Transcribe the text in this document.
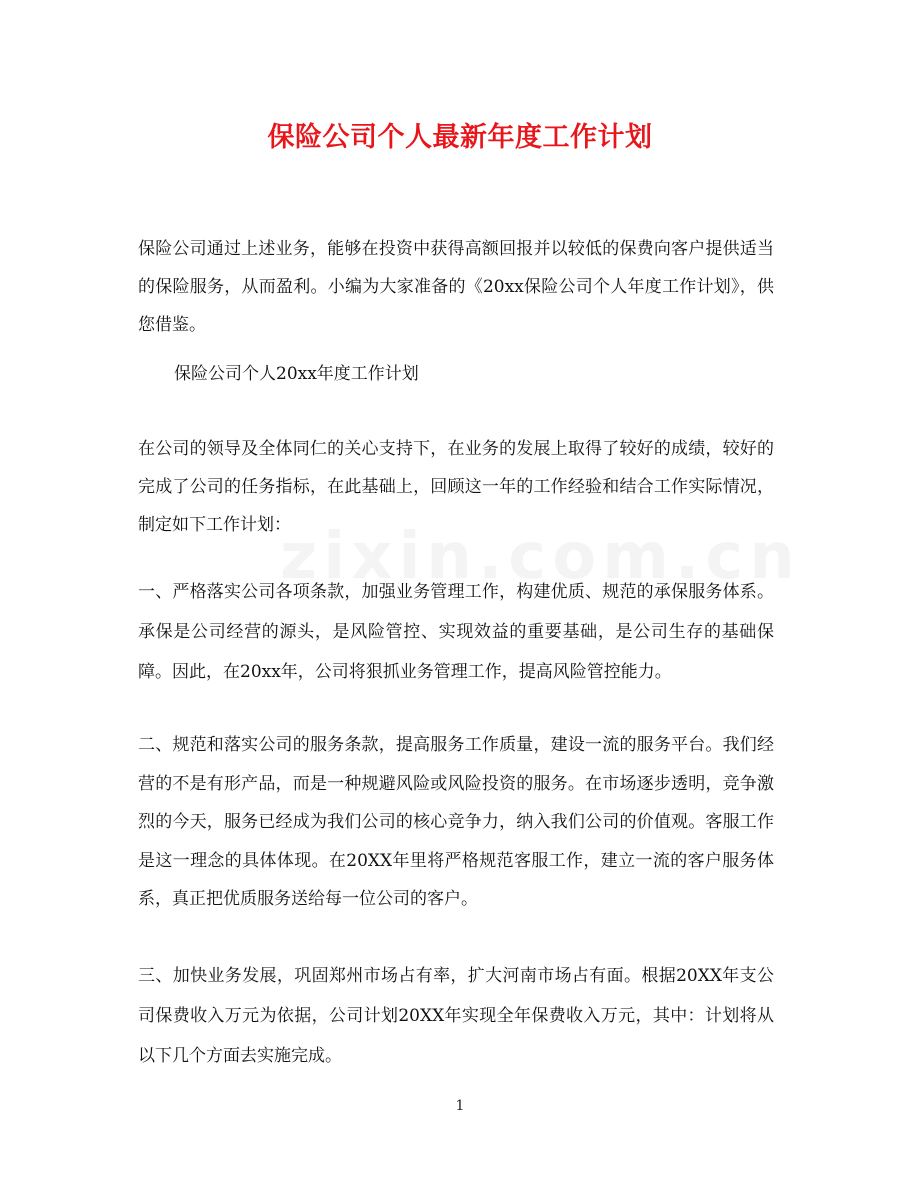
保险公司个人最新年度工作计划
保险公司通过上述业务，能够在投资中获得高额回报并以较低的保费向客户提供适当的保险服务，从而盈利。小编为大家准备的《20xx保险公司个人年度工作计划》，供您借鉴。
保险公司个人20xx年度工作计划
在公司的领导及全体同仁的关心支持下，在业务的发展上取得了较好的成绩，较好的完成了公司的任务指标，在此基础上，回顾这一年的工作经验和结合工作实际情况，制定如下工作计划：
一、严格落实公司各项条款，加强业务管理工作，构建优质、规范的承保服务体系。承保是公司经营的源头，是风险管控、实现效益的重要基础，是公司生存的基础保障。因此，在20xx年，公司将狠抓业务管理工作，提高风险管控能力。
二、规范和落实公司的服务条款，提高服务工作质量，建设一流的服务平台。我们经营的不是有形产品，而是一种规避风险或风险投资的服务。在市场逐步透明，竞争激烈的今天，服务已经成为我们公司的核心竞争力，纳入我们公司的价值观。客服工作是这一理念的具体体现。在20XX年里将严格规范客服工作，建立一流的客户服务体系，真正把优质服务送给每一位公司的客户。
三、加快业务发展，巩固郑州市场占有率，扩大河南市场占有面。根据20XX年支公司保费收入万元为依据，公司计划20XX年实现全年保费收入万元，其中：计划将从以下几个方面去实施完成。
1
